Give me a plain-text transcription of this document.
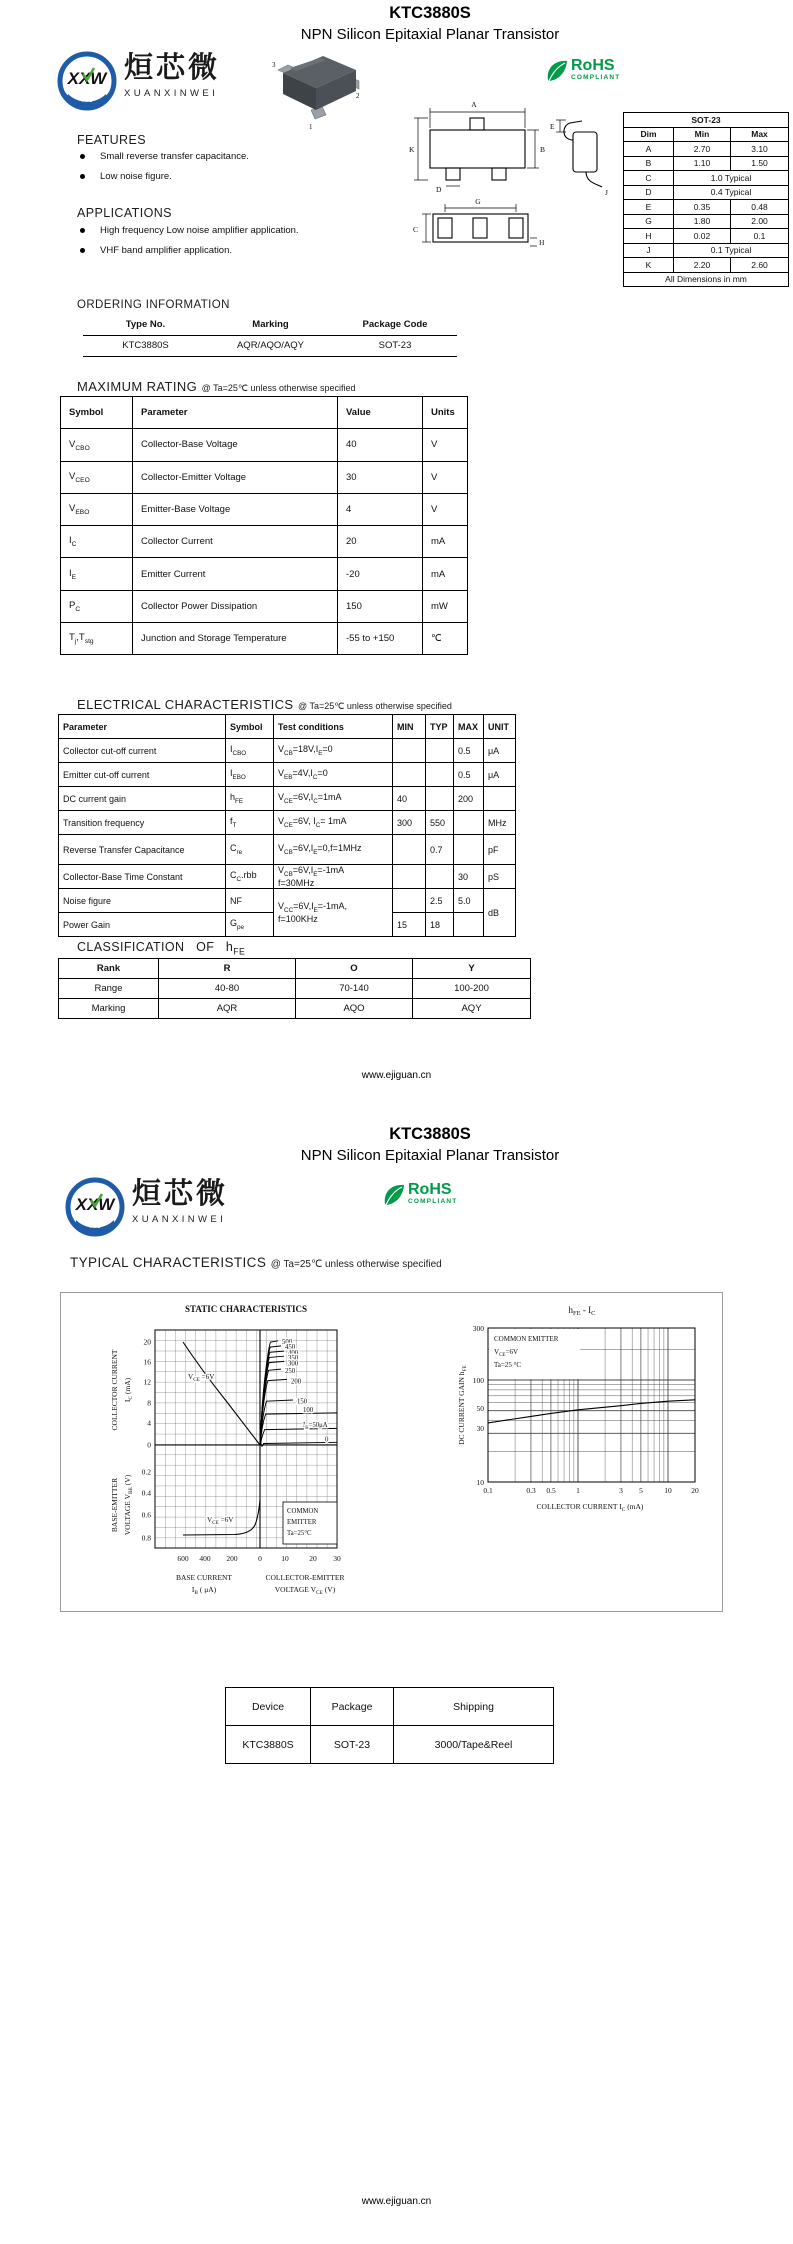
KTC3880S
NPN Silicon Epitaxial Planar Transistor
XXW 烜芯微
XUANXINWEI
3
2
1
RoHS
COMPLIANT
A
B
K
D
E
J
G
C
H
SOT-23		
Dim	Min	Max
A	2.70	3.10
B	1.10	1.50
C	1.0 Typical	
D	0.4 Typical	
E	0.35	0.48
G	1.80	2.00
H	0.02	0.1
J	0.1 Typical	
K	2.20	2.60
All Dimensions in mm		
FEATURES
Small reverse transfer capacitance.
Low noise figure.
APPLICATIONS
High frequency Low noise amplifier application.
VHF band amplifier application.
ORDERING INFORMATION
Type No.	Marking	Package Code
KTC3880S	AQR/AQO/AQY	SOT-23
MAXIMUM RATING @ Ta=25℃ unless otherwise specified
Symbol	Parameter	Value	Units
$V_{CBO}$	Collector-Base Voltage	40	V
$V_{CEO}$	Collector-Emitter Voltage	30	V
$V_{EBO}$	Emitter-Base Voltage	4	V
$I_C$	Collector Current	20	mA
$I_E$	Emitter Current	-20	mA
$P_C$	Collector Power Dissipation	150	mW
$T_j,T_{stg}$	Junction and Storage Temperature	-55 to +150	℃
ELECTRICAL CHARACTERISTICS @ Ta=25℃ unless otherwise specified
Parameter	Symbol	Test conditions	MIN	TYP	MAX	UNIT
Collector cut-off current	$I_{CBO}$	$V_{CB}=18V,I_E=0$			0.5	μA
Emitter cut-off current	$I_{EBO}$	$V_{EB}=4V,I_C=0$			0.5	μA
DC current gain	$h_{FE}$	$V_{CE}=6V,I_C=1mA$	40		200	
Transition frequency	$f_T$	$V_{CE}=6V$, $I_C= 1mA$	300	550		MHz
Reverse Transfer Capacitance	$C_{re}$	$V_{CB}=6V,I_E=0,f=1MHz$		0.7		pF
Collector-Base Time Constant	$C_C.rbb$	$V_{CB}=6V,I_E=-1mA$
f=30MHz			30	pS
Noise figure	NF	$V_{CC}=6V,I_E=-1mA$,
f=100KHz		2.5	5.0	dB
Power Gain	$G_{pe}$		15	18		
CLASSIFICATION   OF   $h_{FE}$
Rank	R	O	Y
Range	40-80	70-140	100-200
Marking	AQR	AQO	AQY
www.ejiguan.cn
KTC3880S
NPN Silicon Epitaxial Planar Transistor
XXW 烜芯微
XUANXINWEI
RoHS
COMPLIANT
TYPICAL CHARACTERISTICS @ Ta=25℃ unless otherwise specified
STATIC CHARACTERISTICS
20
16
12
8
4
0
0.2
0.4
0.6
0.8
600 400 200	0	10	20 30
BASE CURRENT
$I_B$ ( μA)
COLLECTOR-EMITTER
VOLTAGE $V_{CE}$ (V)
COLLECTOR CURRENT $I_C$ (mA)
BASE-EMITTER VOLTAGE $V_{BE}$ (V)
500
450
400
350
300
250
200
150
100
$I_B=50\mu A$
0
$V_{CE} =6V$
$V_{CE} =6V$
COMMON
EMITTER
Ta=25°C
$h_{FE} - I_C$
COMMON EMITTER
$V_{CE}=6V$
Ta=25 °C
300
100
50
30
10
0.1	0.3 0.5	1	3 5	10	20
COLLECTOR CURRENT $I_C$ (mA)
DC CURRENT GAIN $h_{FE}$
Device	Package	Shipping
KTC3880S	SOT-23	3000/Tape&Reel
www.ejiguan.cn
